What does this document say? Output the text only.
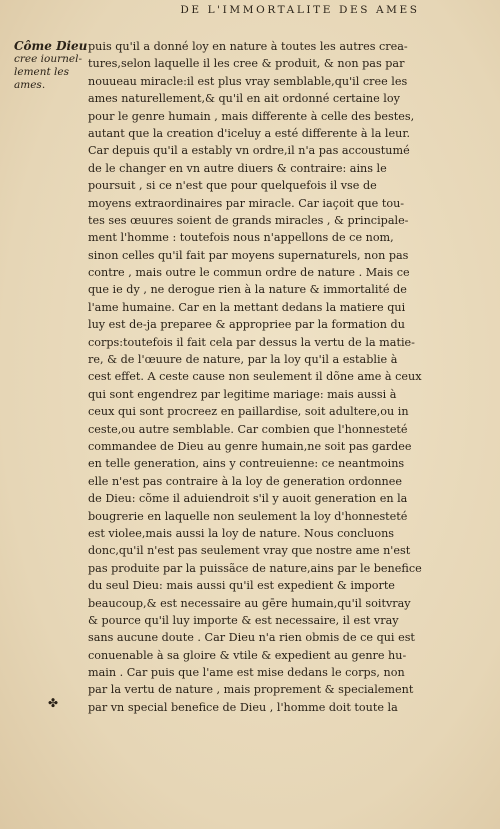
DE L'IMMORTALITE DES AMES
Côme Dieu
cree iournel-
lement les
ames.
puis qu'il a donné loy en nature à toutes les autres crea-
tures,selon laquelle il les cree & produit, & non pas par
nouueau miracle:il est plus vray semblable,qu'il cree les
ames naturellement,& qu'il en ait ordonné certaine loy
pour le genre humain , mais differente à celle des bestes,
autant que la creation d'iceluy a esté differente à la leur.
Car depuis qu'il a estably vn ordre,il n'a pas accoustumé
de le changer en vn autre diuers & contraire: ains le
poursuit , si ce n'est que pour quelquefois il vse de
moyens extraordinaires par miracle. Car iaçoit que tou-
tes ses œuures soient de grands miracles , & principale-
ment l'homme : toutefois nous n'appellons de ce nom,
sinon celles qu'il fait par moyens supernaturels, non pas
contre , mais outre le commun ordre de nature . Mais ce
que ie dy , ne deroguе rien à la nature & immortalité de
l'ame humaine. Car en la mettant dedans la matiere qui
luy est de-ja preparee & appropriee par la formation du
corps:toutefois il fait cela par dessus la vertu de la matie-
re, & de l'œuure de nature, par la loy qu'il a establie à
cest effet. A ceste cause non seulement il dõne ame à ceux
qui sont engendrez par legitime mariage: mais aussi à
ceux qui sont procreez en paillardise, soit adultere,ou in
ceste,ou autre semblable. Car combien que l'honnesteté
commandee de Dieu au genre humain,ne soit pas gardee
en telle generation, ains y contreuienne: ce neantmoins
elle n'est pas contraire à la loy de generation ordonnee
de Dieu: cõme il aduiendroit s'il y auoit generation en la
bougrerie en laquelle non seulement la loy d'honnesteté
est violee,mais aussi la loy de nature. Nous concluons
donc,qu'il n'est pas seulement vray que nostre ame n'est
pas produite par la puissãce de nature,ains par le benefice
du seul Dieu: mais aussi qu'il est expedient & importe
beaucoup,& est necessaire au gēre humain,qu'il soitvray
& pource qu'il luy importe & est necessaire, il est vray
sans aucune doute . Car Dieu n'a rien obmis de ce qui est
conuenable à sa gloire & vtile & expedient au genre hu-
main . Car puis que l'ame est mise dedans le corps, non
par la vertu de nature , mais proprement & specialement
par vn special benefice de Dieu , l'homme doit toute la
✤
